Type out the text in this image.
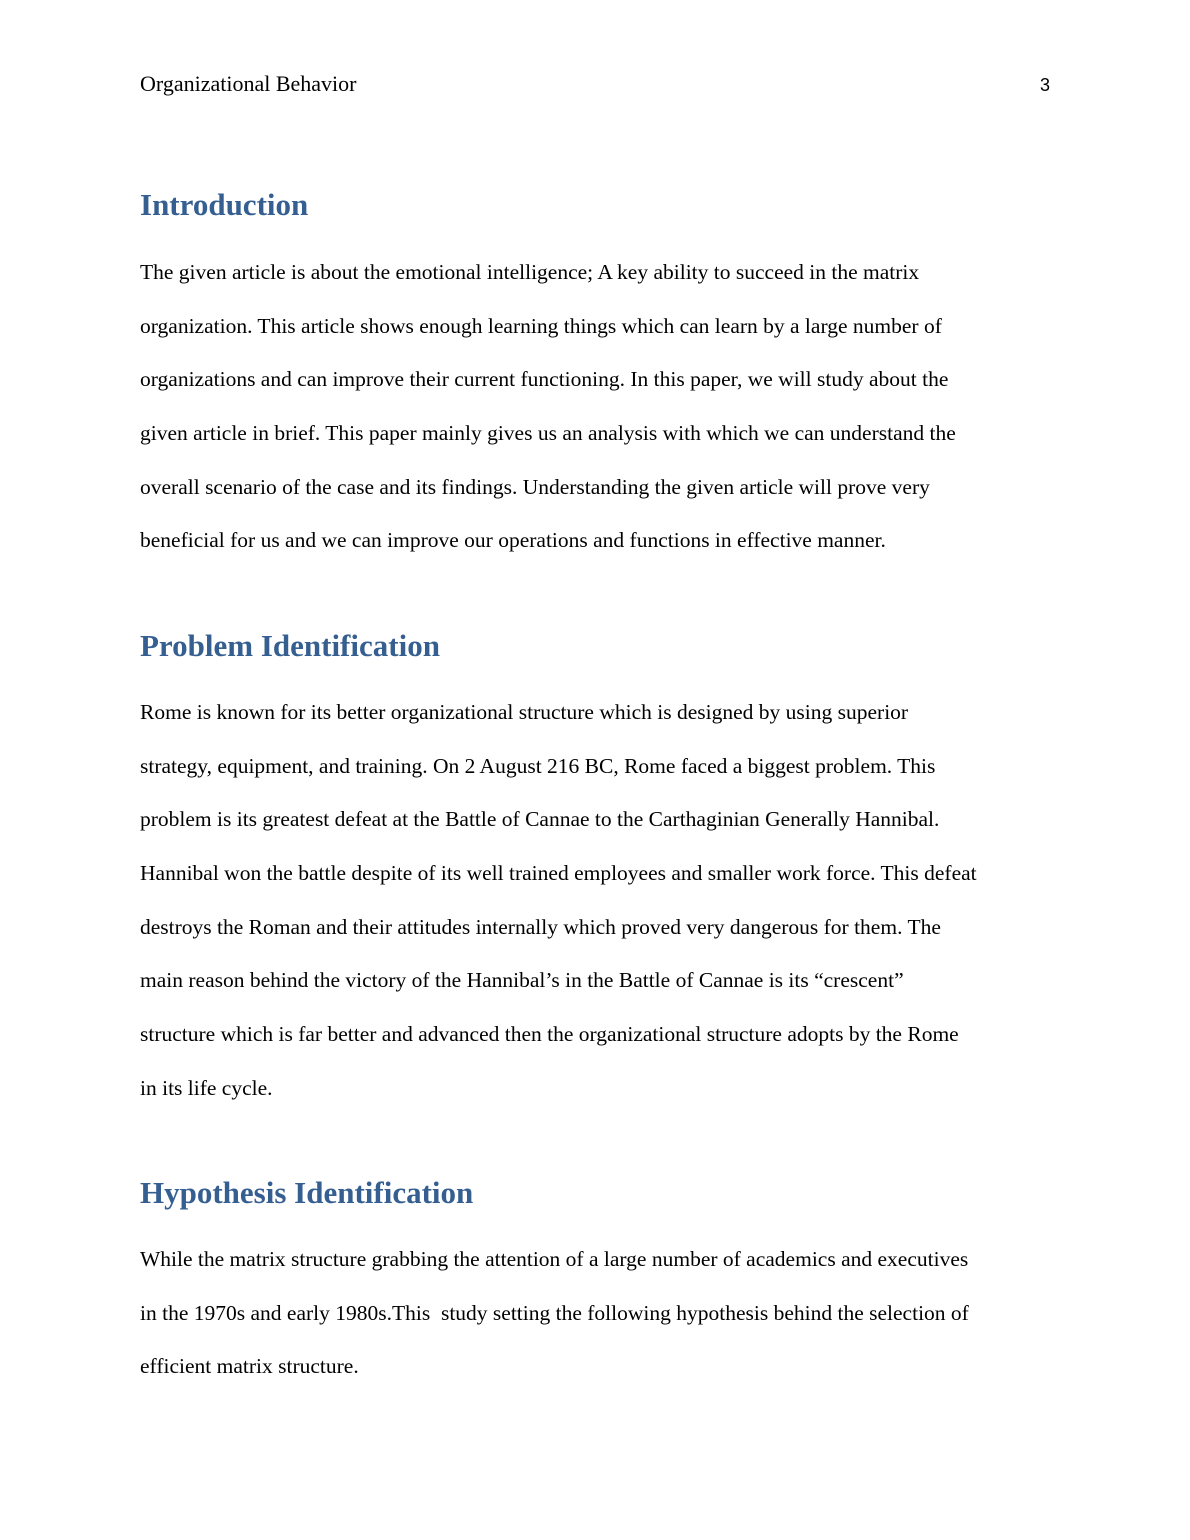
Organizational Behavior	3
Introduction
The given article is about the emotional intelligence; A key ability to succeed in the matrix
organization. This article shows enough learning things which can learn by a large number of
organizations and can improve their current functioning. In this paper, we will study about the
given article in brief. This paper mainly gives us an analysis with which we can understand the
overall scenario of the case and its findings. Understanding the given article will prove very
beneficial for us and we can improve our operations and functions in effective manner.
Problem Identification
Rome is known for its better organizational structure which is designed by using superior
strategy, equipment, and training. On 2 August 216 BC, Rome faced a biggest problem. This
problem is its greatest defeat at the Battle of Cannae to the Carthaginian Generally Hannibal.
Hannibal won the battle despite of its well trained employees and smaller work force. This defeat
destroys the Roman and their attitudes internally which proved very dangerous for them. The
main reason behind the victory of the Hannibal’s in the Battle of Cannae is its “crescent”
structure which is far better and advanced then the organizational structure adopts by the Rome
in its life cycle.
Hypothesis Identification
While the matrix structure grabbing the attention of a large number of academics and executives
in the 1970s and early 1980s.This  study setting the following hypothesis behind the selection of
efficient matrix structure.
